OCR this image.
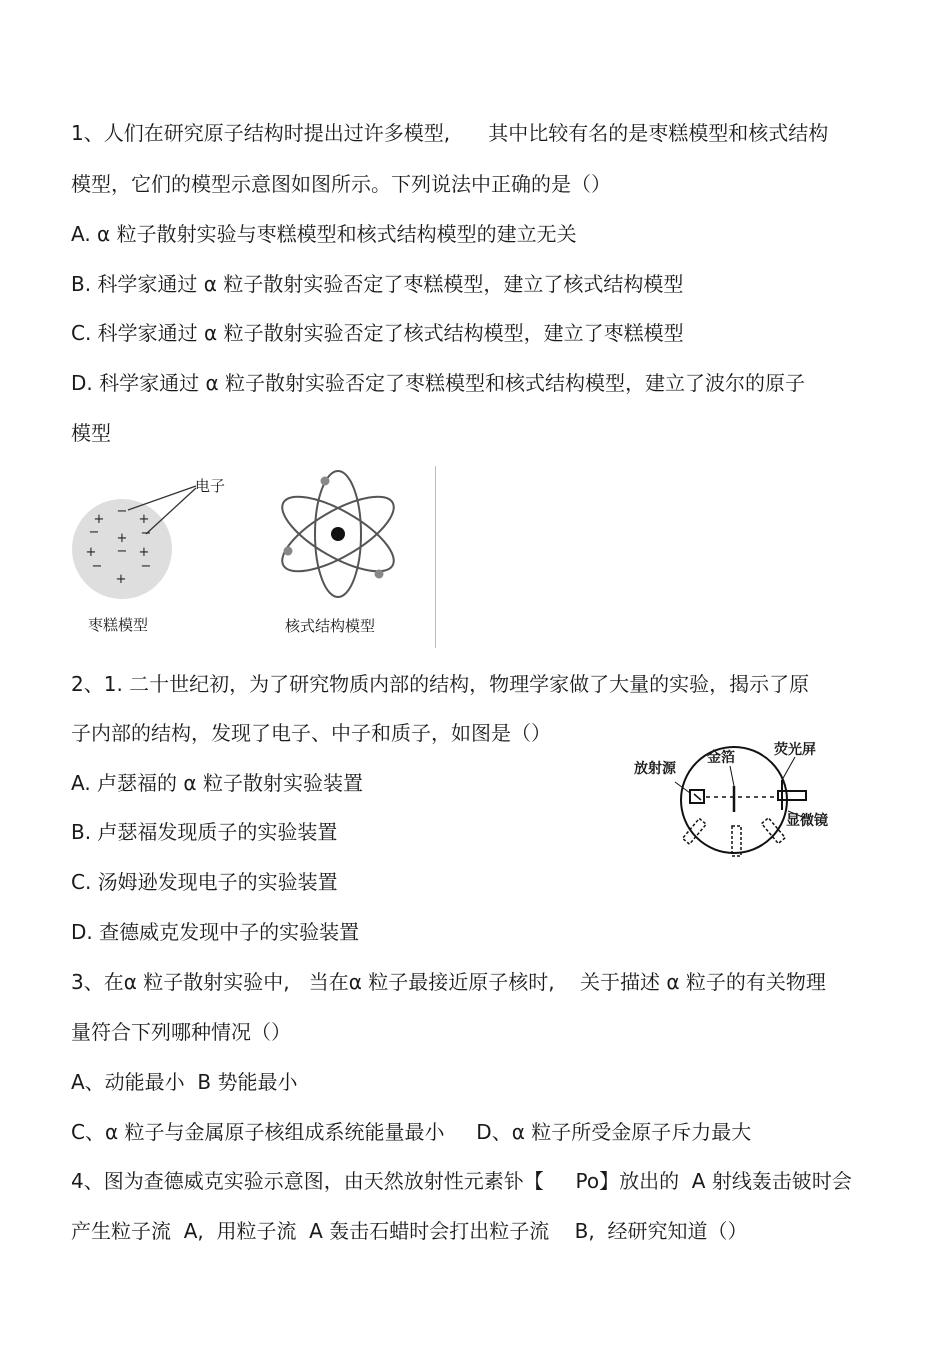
1、人们在研究原子结构时提出过许多模型,      其中比较有名的是枣糕模型和核式结构
模型，它们的模型示意图如图所示。下列说法中正确的是（）
A. α 粒子散射实验与枣糕模型和核式结构模型的建立无关
B. 科学家通过 α 粒子散射实验否定了枣糕模型，建立了核式结构模型
C. 科学家通过 α 粒子散射实验否定了核式结构模型，建立了枣糕模型
D. 科学家通过 α 粒子散射实验否定了枣糕模型和核式结构模型，建立了波尔的原子
模型
+
−
+
− + −
+ − +
−	−
+
电子
枣糕模型	核式结构模型
2、1. 二十世纪初，为了研究物质内部的结构，物理学家做了大量的实验，揭示了原
子内部的结构，发现了电子、中子和质子，如图是（）
A. 卢瑟福的 α 粒子散射实验装置
B. 卢瑟福发现质子的实验装置
C. 汤姆逊发现电子的实验装置
D. 查德威克发现中子的实验装置
放射源
金箔	荧光屏
显微镜
3、在α 粒子散射实验中,   当在α 粒子最接近原子核时,    关于描述 α 粒子的有关物理
量符合下列哪种情况（）
A、动能最小  B 势能最小
C、α 粒子与金属原子核组成系统能量最小     D、α 粒子所受金原子斥力最大
4、图为查德威克实验示意图，由天然放射性元素钋【     Po】放出的  A 射线轰击铍时会
产生粒子流  A,  用粒子流  A 轰击石蜡时会打出粒子流    B,  经研究知道（）
